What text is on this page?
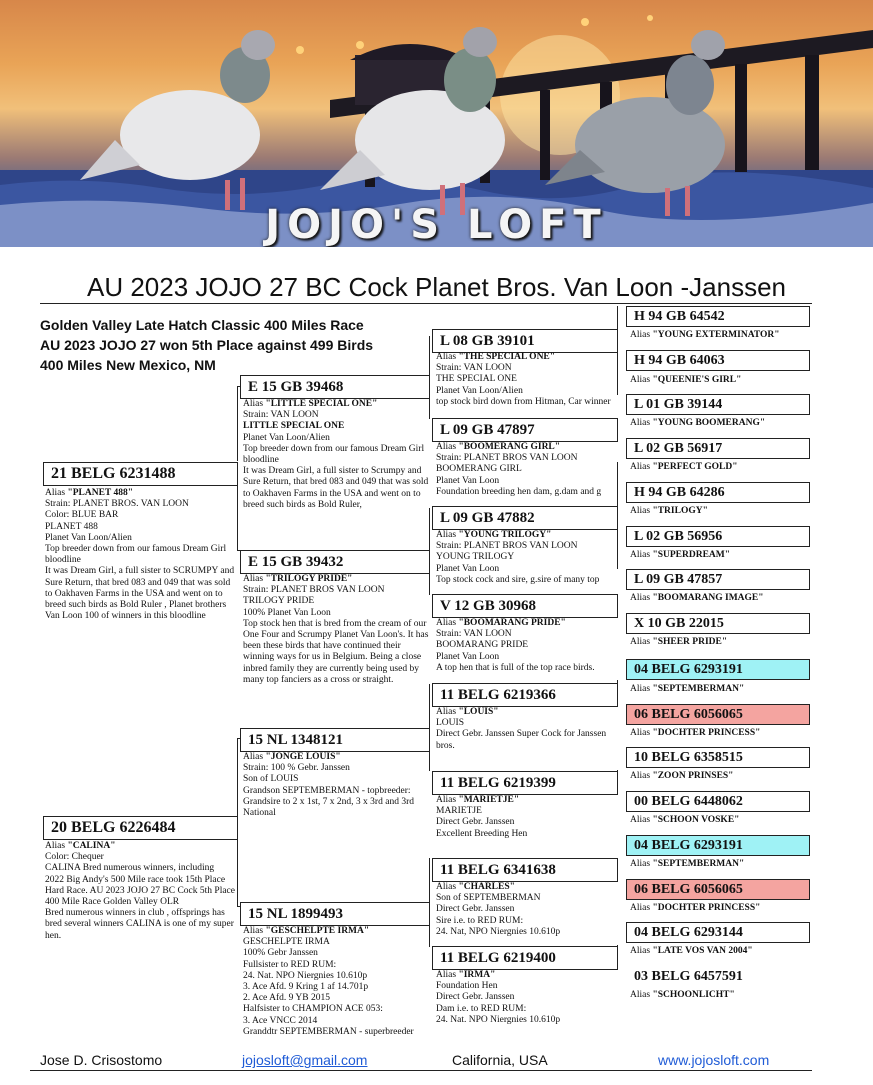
JOJO'S LOFT
AU 2023 JOJO 27 BC Cock Planet Bros. Van Loon -Janssen
Golden Valley Late Hatch Classic 400 Miles Race
AU 2023 JOJO 27 won 5th Place against 499 Birds
400 Miles New Mexico, NM
21 BELG 6231488
Alias "PLANET 488"
Strain: PLANET BROS. VAN LOON
Color: BLUE BAR
PLANET 488
Planet Van Loon/Alien
Top breeder down from our famous Dream Girl bloodline
It was Dream Girl, a full sister to SCRUMPY and Sure Return, that bred 083 and 049 that was sold to Oakhaven Farms in the USA and went on to breed such birds as Bold Ruler , Planet brothers Van Loon 100 of winners in this bloodline
20 BELG 6226484
Alias "CALINA"
Color: Chequer
CALINA Bred numerous winners, including 2022 Big Andy's 500 Mile race took 15th Place Hard Race. AU 2023 JOJO 27 BC Cock 5th Place 400 Mile Race Golden Valley OLR
Bred numerous winners in club , offsprings has bred several winners CALINA is one of my super hen.
E 15 GB 39468
Alias "LITTLE SPECIAL ONE"
Strain: VAN LOON
LITTLE SPECIAL ONE
Planet Van Loon/Alien
Top breeder down from our famous Dream Girl bloodline
It was Dream Girl, a full sister to Scrumpy and Sure Return, that bred 083 and 049 that was sold to Oakhaven Farms in the USA and went on to breed such birds as Bold Ruler,
E 15 GB 39432
Alias "TRILOGY PRIDE"
Strain: PLANET BROS VAN LOON
TRILOGY PRIDE
100% Planet Van Loon
Top stock hen that is bred from the cream of our One Four and Scrumpy Planet Van Loon's. It has been these birds that have continued their winning ways for us in Belgium. Being a close inbred family they are currently being used by many top fanciers as a cross or straight.
15 NL 1348121
Alias "JONGE LOUIS"
Strain: 100 % Gebr. Janssen
Son of LOUIS
Grandson SEPTEMBERMAN - topbreeder: Grandsire to 2 x 1st, 7 x 2nd, 3 x 3rd and 3rd National
15 NL 1899493
Alias "GESCHELPTE IRMA"
GESCHELPTE IRMA
100% Gebr Janssen
Fullsister to RED RUM:
24. Nat. NPO Niergnies 10.610p
3. Ace Afd. 9 Kring 1 af 14.701p
2. Ace Afd. 9 YB 2015
Halfsister to CHAMPION ACE 053:
3. Ace VNCC 2014
Granddtr SEPTEMBERMAN - superbreeder
L 08 GB 39101
Alias "THE SPECIAL ONE"
Strain: VAN LOON
THE SPECIAL ONE
Planet Van Loon/Alien
top stock bird down from Hitman, Car winner
L 09 GB 47897
Alias "BOOMERANG GIRL"
Strain: PLANET BROS VAN LOON
BOOMERANG GIRL
Planet Van Loon
Foundation breeding hen dam, g.dam and g
L 09 GB 47882
Alias "YOUNG TRILOGY"
Strain: PLANET BROS VAN LOON
YOUNG TRILOGY
Planet Van Loon
Top stock cock and sire, g.sire of many top
V 12 GB 30968
Alias "BOOMARANG PRIDE"
Strain: VAN LOON
BOOMARANG PRIDE
Planet Van Loon
A top hen that is full of the top race birds.
11 BELG 6219366
Alias "LOUIS"
LOUIS
Direct Gebr. Janssen Super Cock for Janssen bros.
11 BELG 6219399
Alias "MARIETJE"
MARIETJE
Direct Gebr. Janssen
Excellent Breeding Hen
11 BELG 6341638
Alias "CHARLES"
Son of SEPTEMBERMAN
Direct Gebr. Janssen
Sire i.e. to RED RUM:
24. Nat, NPO Niergnies 10.610p
11 BELG 6219400
Alias "IRMA"
Foundation Hen
Direct Gebr. Janssen
Dam i.e. to RED RUM:
24. Nat. NPO Niergnies 10.610p
H 94 GB 64542
Alias "YOUNG EXTERMINATOR"
H 94 GB 64063
Alias "QUEENIE'S GIRL"
L 01 GB 39144
Alias "YOUNG BOOMERANG"
L 02 GB 56917
Alias "PERFECT GOLD"
H 94 GB 64286
Alias "TRILOGY"
L 02 GB 56956
Alias "SUPERDREAM"
L 09 GB 47857
Alias "BOOMARANG IMAGE"
X 10 GB 22015
Alias "SHEER PRIDE"
04 BELG 6293191
Alias "SEPTEMBERMAN"
06 BELG 6056065
Alias "DOCHTER PRINCESS"
10 BELG 6358515
Alias "ZOON PRINSES"
00 BELG 6448062
Alias "SCHOON VOSKE"
04 BELG 6293191
Alias "SEPTEMBERMAN"
06 BELG 6056065
Alias "DOCHTER PRINCESS"
04 BELG 6293144
Alias "LATE VOS VAN 2004"
03 BELG 6457591
Alias "SCHOONLICHT"
Jose D. Crisostomo	jojosloft@gmail.com	California, USA	www.jojosloft.com
